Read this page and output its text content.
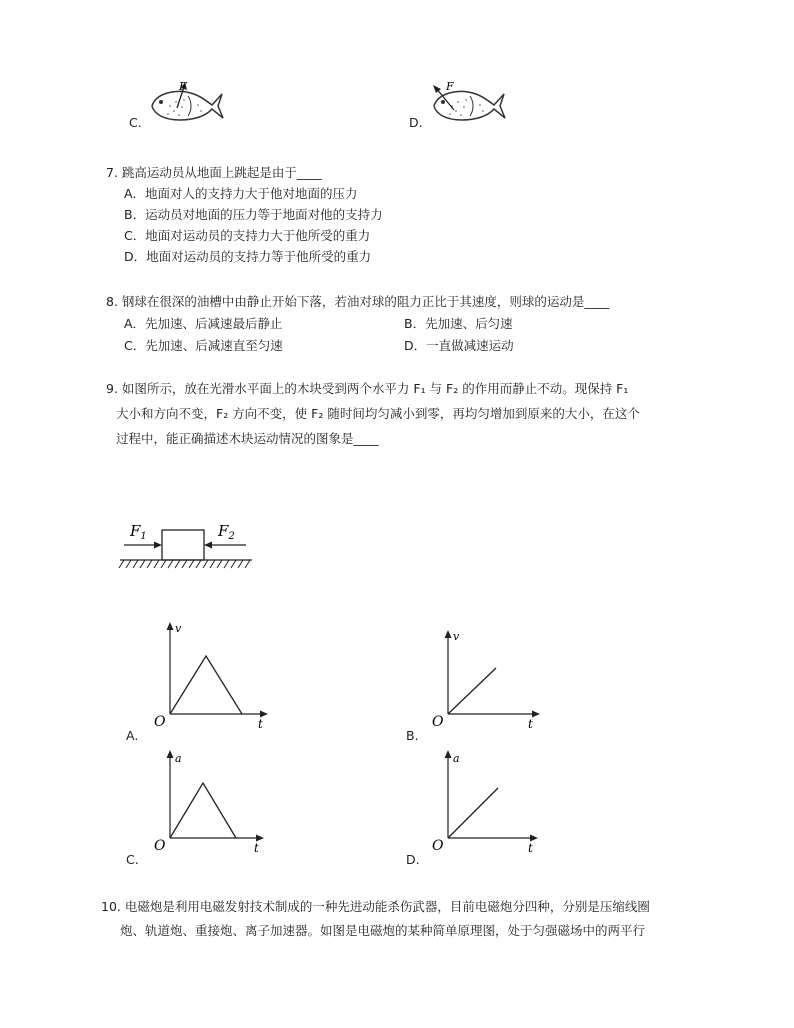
C.
F
D.
F
7. 跳高运动员从地面上跳起是由于____
A．地面对人的支持力大于他对地面的压力
B．运动员对地面的压力等于地面对他的支持力
C．地面对运动员的支持力大于他所受的重力
D．地面对运动员的支持力等于他所受的重力
8. 钢球在很深的油槽中由静止开始下落，若油对球的阻力正比于其速度，则球的运动是____
A．先加速、后减速最后静止	B．先加速、后匀速
C．先加速、后减速直至匀速	D．一直做减速运动
9. 如图所示，放在光滑水平面上的木块受到两个水平力 F₁ 与 F₂ 的作用而静止不动。现保持 F₁
大小和方向不变，F₂ 方向不变，使 F₂ 随时间均匀减小到零，再均匀增加到原来的大小，在这个
过程中，能正确描述木块运动情况的图象是____
$F_1$	$F_2$
v
t
O
A.
v
t
O
B.
a
t
O
C.
a
t
O
D.
10. 电磁炮是利用电磁发射技术制成的一种先进动能杀伤武器，目前电磁炮分四种，分别是压缩线圈
炮、轨道炮、重接炮、离子加速器。如图是电磁炮的某种简单原理图，处于匀强磁场中的两平行
